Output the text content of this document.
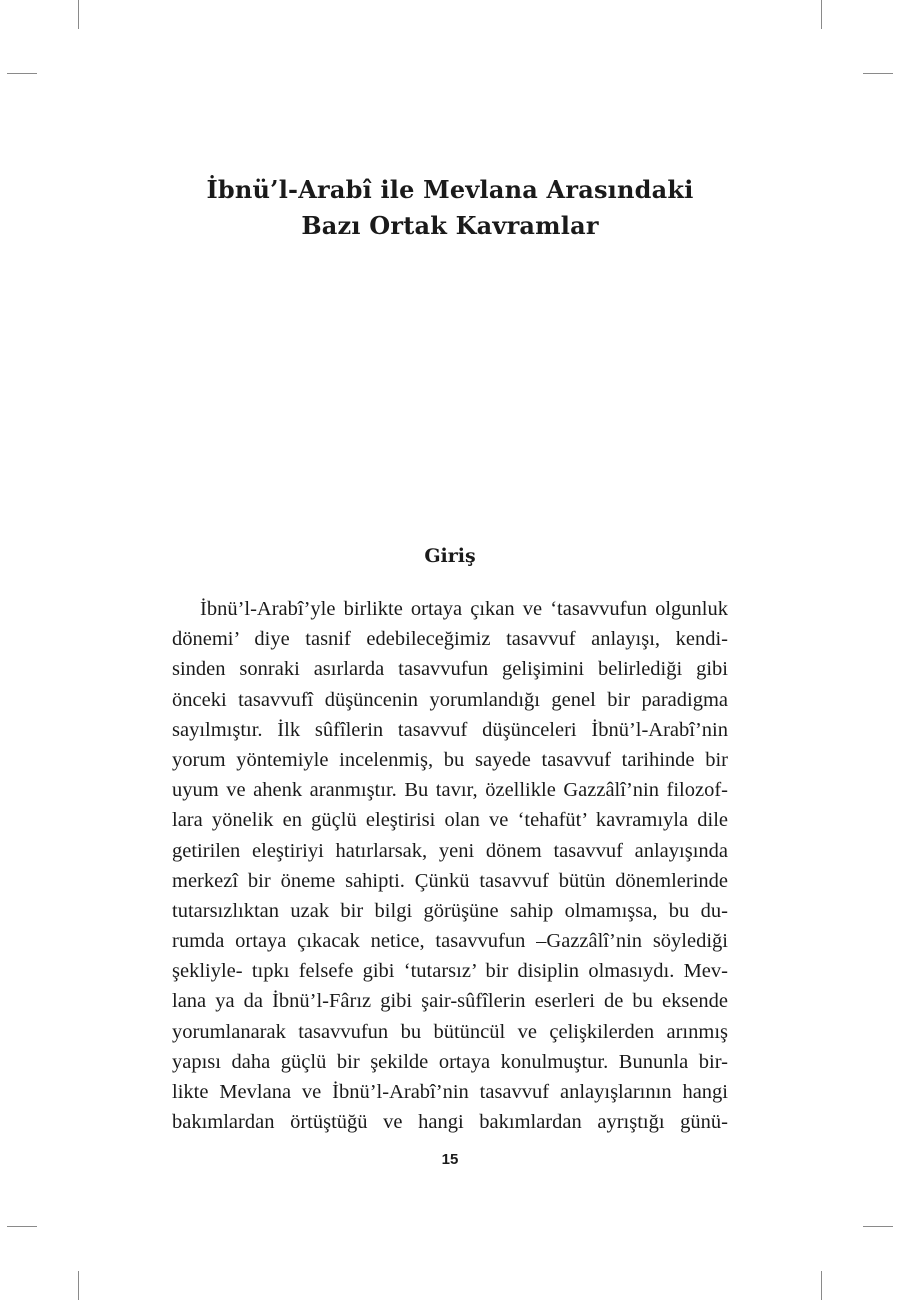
İbnü’l-Arabî ile Mevlana Arasındaki
Bazı Ortak Kavramlar
Giriş
İbnü’l-Arabî’yle birlikte ortaya çıkan ve ‘tasavvufun olgunluk
dönemi’ diye tasnif edebileceğimiz tasavvuf anlayışı, kendi-
sinden sonraki asırlarda tasavvufun gelişimini belirlediği gibi
önceki tasavvufî düşüncenin yorumlandığı genel bir paradigma
sayılmıştır. İlk sûfîlerin tasavvuf düşünceleri İbnü’l-Arabî’nin
yorum yöntemiyle incelenmiş, bu sayede tasavvuf tarihinde bir
uyum ve ahenk aranmıştır. Bu tavır, özellikle Gazzâlî’nin filozof-
lara yönelik en güçlü eleştirisi olan ve ‘tehafüt’ kavramıyla dile
getirilen eleştiriyi hatırlarsak, yeni dönem tasavvuf anlayışında
merkezî bir öneme sahipti. Çünkü tasavvuf bütün dönemlerinde
tutarsızlıktan uzak bir bilgi görüşüne sahip olmamışsa, bu du-
rumda ortaya çıkacak netice, tasavvufun –Gazzâlî’nin söylediği
şekliyle- tıpkı felsefe gibi ‘tutarsız’ bir disiplin olmasıydı. Mev-
lana ya da İbnü’l-Fârız gibi şair-sûfîlerin eserleri de bu eksende
yorumlanarak tasavvufun bu bütüncül ve çelişkilerden arınmış
yapısı daha güçlü bir şekilde ortaya konulmuştur. Bununla bir-
likte Mevlana ve İbnü’l-Arabî’nin tasavvuf anlayışlarının hangi
bakımlardan örtüştüğü ve hangi bakımlardan ayrıştığı günü-
15
